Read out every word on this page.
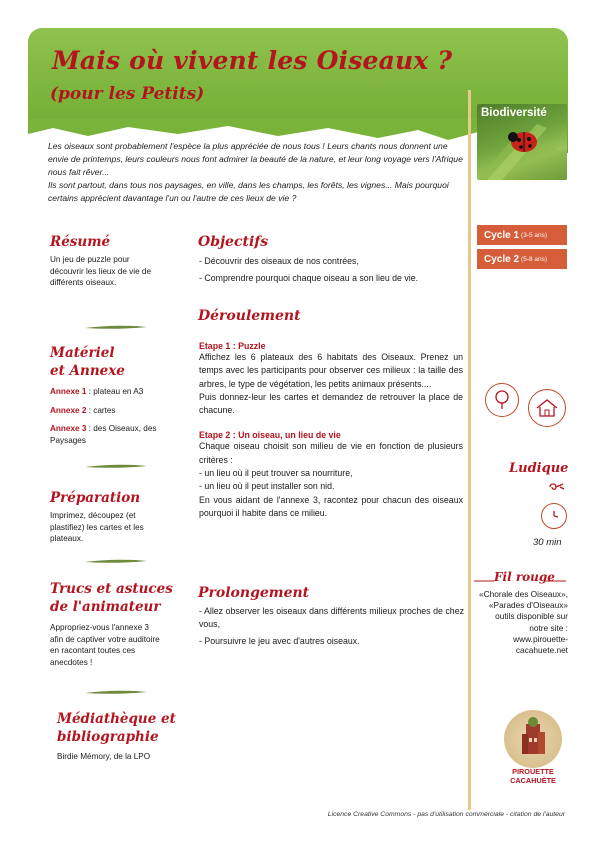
Mais où vivent les Oiseaux ?
(pour les Petits)

Les oiseaux sont probablement l'espèce la plus appréciée de nous tous ! Leurs chants nous donnent une envie de printemps, leurs couleurs nous font admirer la beauté de la nature, et leur long voyage vers l'Afrique nous fait rêver...

Ils sont partout, dans tous nos paysages, en ville, dans les champs, les forêts, les vignes... Mais pourquoi certains apprécient davantage l'un ou l'autre de ces lieux de vie ?

Biodiversité
Cycle 1 (3-5 ans)
Cycle 2 (5-8 ans)
Ludique
30 min
Fil rouge
«Chorale des Oiseaux», «Parades d'Oiseaux» outils disponible sur notre site : www.pirouette-cacahuete.net
PIROUETTE
CACAHUÈTE
Résumé
Un jeu de puzzle pour découvrir les lieux de vie de différents oiseaux.
Matériel
et Annexe
Annexe 1 : plateau en A3
Annexe 2 : cartes
Annexe 3 : des Oiseaux, des Paysages
Préparation
Imprimez, découpez (et plastifiez) les cartes et les plateaux.
Trucs et astuces
de l'animateur
Appropriez-vous l'annexe 3 afin de captiver votre auditoire en racontant toutes ces anecdotes !
Médiathèque et
bibliographie
Birdie Mémory, de la LPO
Objectifs
- Découvrir des oiseaux de nos contrées,
- Comprendre pourquoi chaque oiseau a son lieu de vie.
Déroulement
Etape 1 : Puzzle
Affichez les 6 plateaux des 6 habitats des Oiseaux. Prenez un temps avec les participants pour observer ces milieux : la taille des arbres, le type de végétation, les petits animaux présents....
Puis donnez-leur les cartes et demandez de retrouver la place de chacune.
Etape 2 : Un oiseau, un lieu de vie
Chaque oiseau choisit son milieu de vie en fonction de plusieurs critères :
- un lieu où il peut trouver sa nourriture,
- un lieu où il peut installer son nid.
En vous aidant de l'annexe 3, racontez pour chacun des oiseaux pourquoi il habite dans ce milieu.
Prolongement
- Allez observer les oiseaux dans différents milieux proches de chez vous,
- Poursuivre le jeu avec d'autres oiseaux.
Licence Creative Commons - pas d'utilisation commerciale - citation de l'auteur
